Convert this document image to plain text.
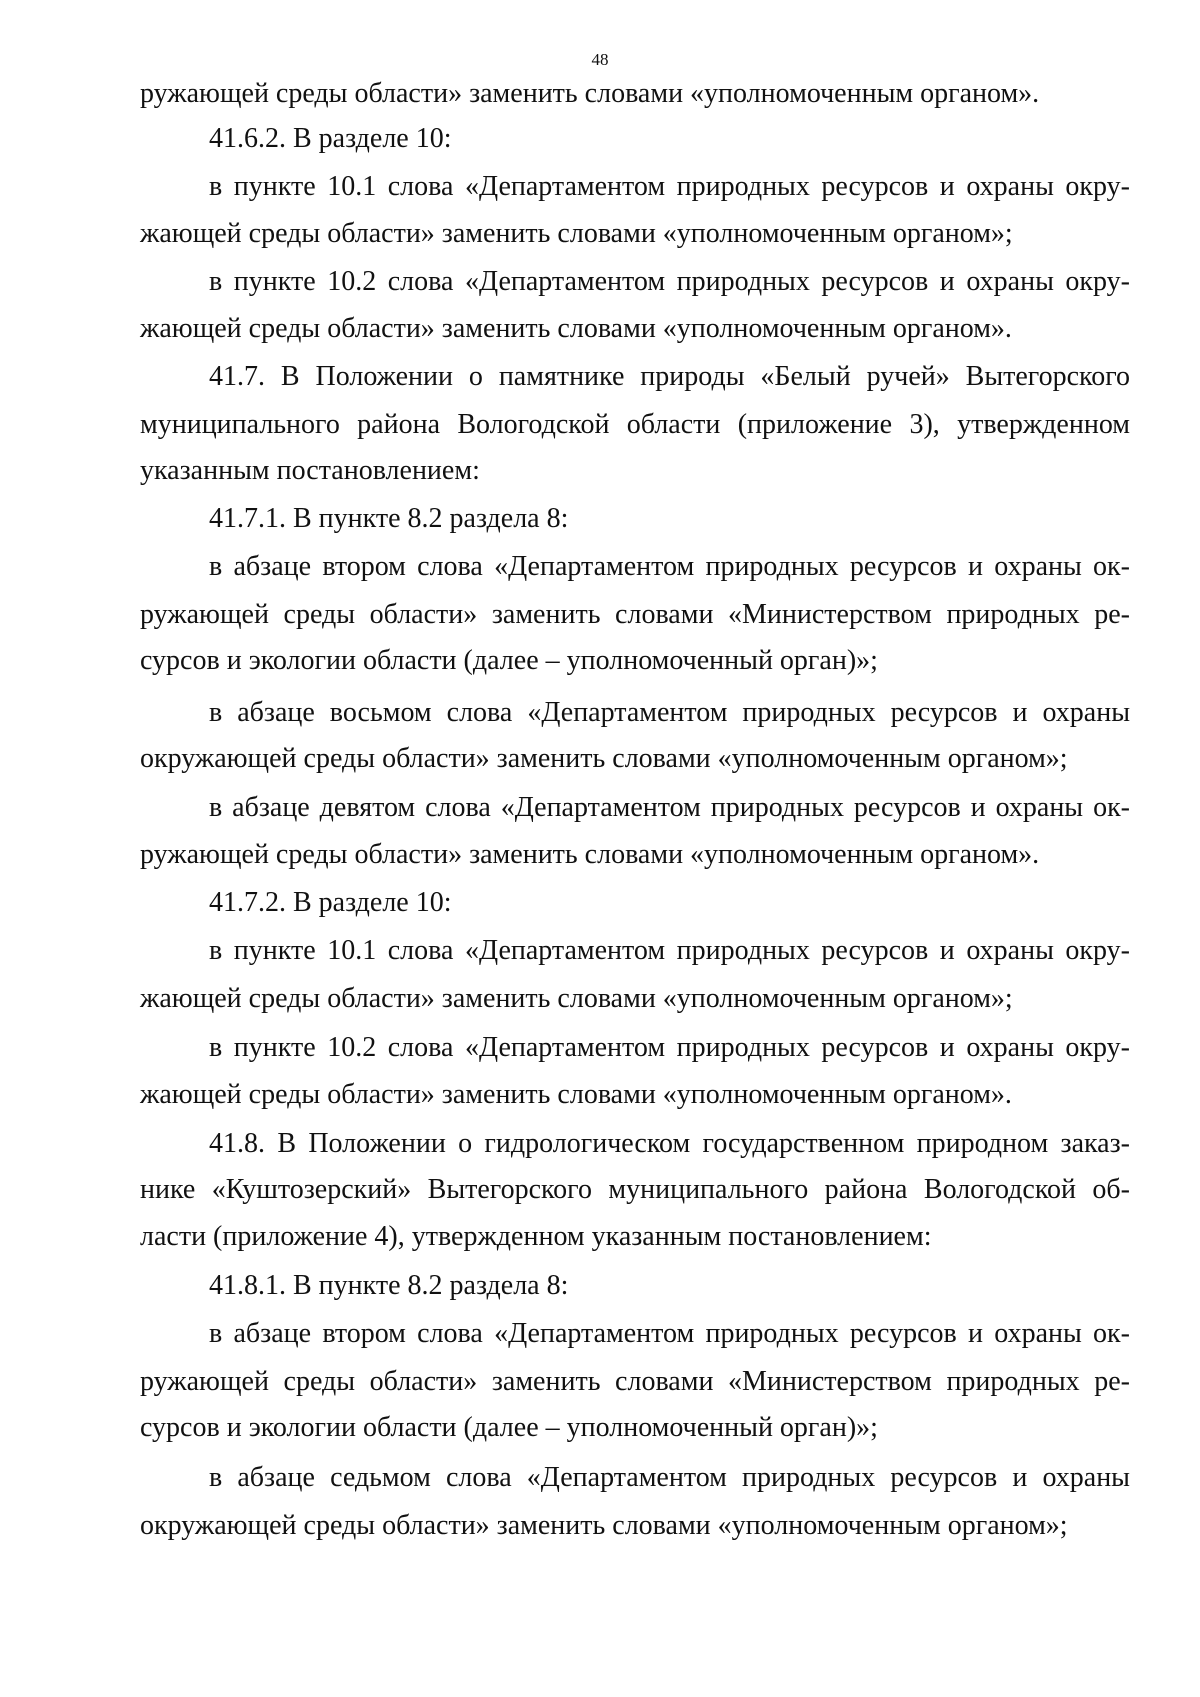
48
ружающей среды области» заменить словами «уполномоченным органом».
41.6.2. В разделе 10:
в пункте 10.1 слова «Департаментом природных ресурсов и охраны окру-
жающей среды области» заменить словами «уполномоченным органом»;
в пункте 10.2 слова «Департаментом природных ресурсов и охраны окру-
жающей среды области» заменить словами «уполномоченным органом».
41.7. В Положении о памятнике природы «Белый ручей» Вытегорского
муниципального района Вологодской области (приложение 3), утвержденном
указанным постановлением:
41.7.1. В пункте 8.2 раздела 8:
в абзаце втором слова «Департаментом природных ресурсов и охраны ок-
ружающей среды области» заменить словами «Министерством природных ре-
сурсов и экологии области (далее – уполномоченный орган)»;
в абзаце восьмом слова «Департаментом природных ресурсов и охраны
окружающей среды области» заменить словами «уполномоченным органом»;
в абзаце девятом слова «Департаментом природных ресурсов и охраны ок-
ружающей среды области» заменить словами «уполномоченным органом».
41.7.2. В разделе 10:
в пункте 10.1 слова «Департаментом природных ресурсов и охраны окру-
жающей среды области» заменить словами «уполномоченным органом»;
в пункте 10.2 слова «Департаментом природных ресурсов и охраны окру-
жающей среды области» заменить словами «уполномоченным органом».
41.8. В Положении о гидрологическом государственном природном заказ-
нике «Куштозерский» Вытегорского муниципального района Вологодской об-
ласти (приложение 4), утвержденном указанным постановлением:
41.8.1. В пункте 8.2 раздела 8:
в абзаце втором слова «Департаментом природных ресурсов и охраны ок-
ружающей среды области» заменить словами «Министерством природных ре-
сурсов и экологии области (далее – уполномоченный орган)»;
в абзаце седьмом слова «Департаментом природных ресурсов и охраны
окружающей среды области» заменить словами «уполномоченным органом»;
